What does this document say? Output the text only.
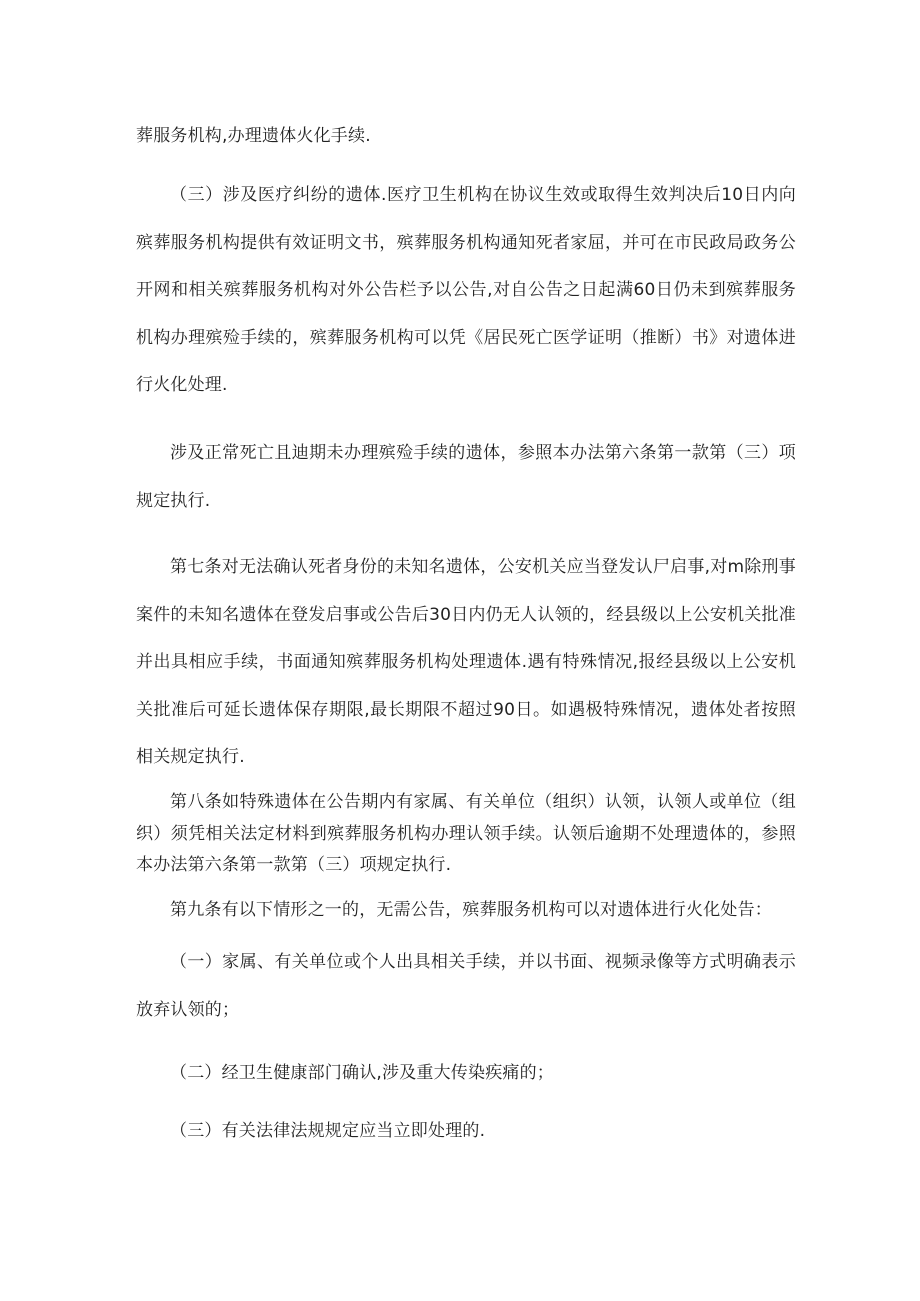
葬服务机构,办理遗体火化手续.

（三）涉及医疗纠纷的遗体.医疗卫生机构在协议生效或取得生效判决后10日内向殡葬服务机构提供有效证明文书，殡葬服务机构通知死者家屈，并可在市民政局政务公开网和相关殡葬服务机构对外公告栏予以公告,对自公告之日起满60日仍未到殡葬服务机构办理殡殓手续的，殡葬服务机构可以凭《居民死亡医学证明（推断）书》对遗体进行火化处理.

涉及正常死亡且迪期未办理殡殓手续的遗体，参照本办法第六条第一款第（三）项规定执行.

第七条对无法确认死者身份的未知名遗体，公安机关应当登发认尸启事,对m除刑事案件的未知名遗体在登发启事或公告后30日内仍无人认领的，经县级以上公安机关批准并出具相应手续，书面通知殡葬服务机构处理遗体.遇有特殊情况,报经县级以上公安机关批准后可延长遗体保存期限,最长期限不超过90日。如遇极特殊情况，遗体处者按照相关规定执行.

第八条如特殊遗体在公告期内有家属、有关单位（组织）认领，认领人或单位（组织）须凭相关法定材料到殡葬服务机构办理认领手续。认领后逾期不处理遗体的，参照本办法第六条第一款第（三）项规定执行.

第九条有以下情形之一的，无需公告，殡葬服务机构可以对遗体进行火化处告：

（一）家属、有关单位或个人出具相关手续，并以书面、视频录像等方式明确表示放弃认领的；

（二）经卫生健康部门确认,涉及重大传染疾痛的；

（三）有关法律法规规定应当立即处理的.
